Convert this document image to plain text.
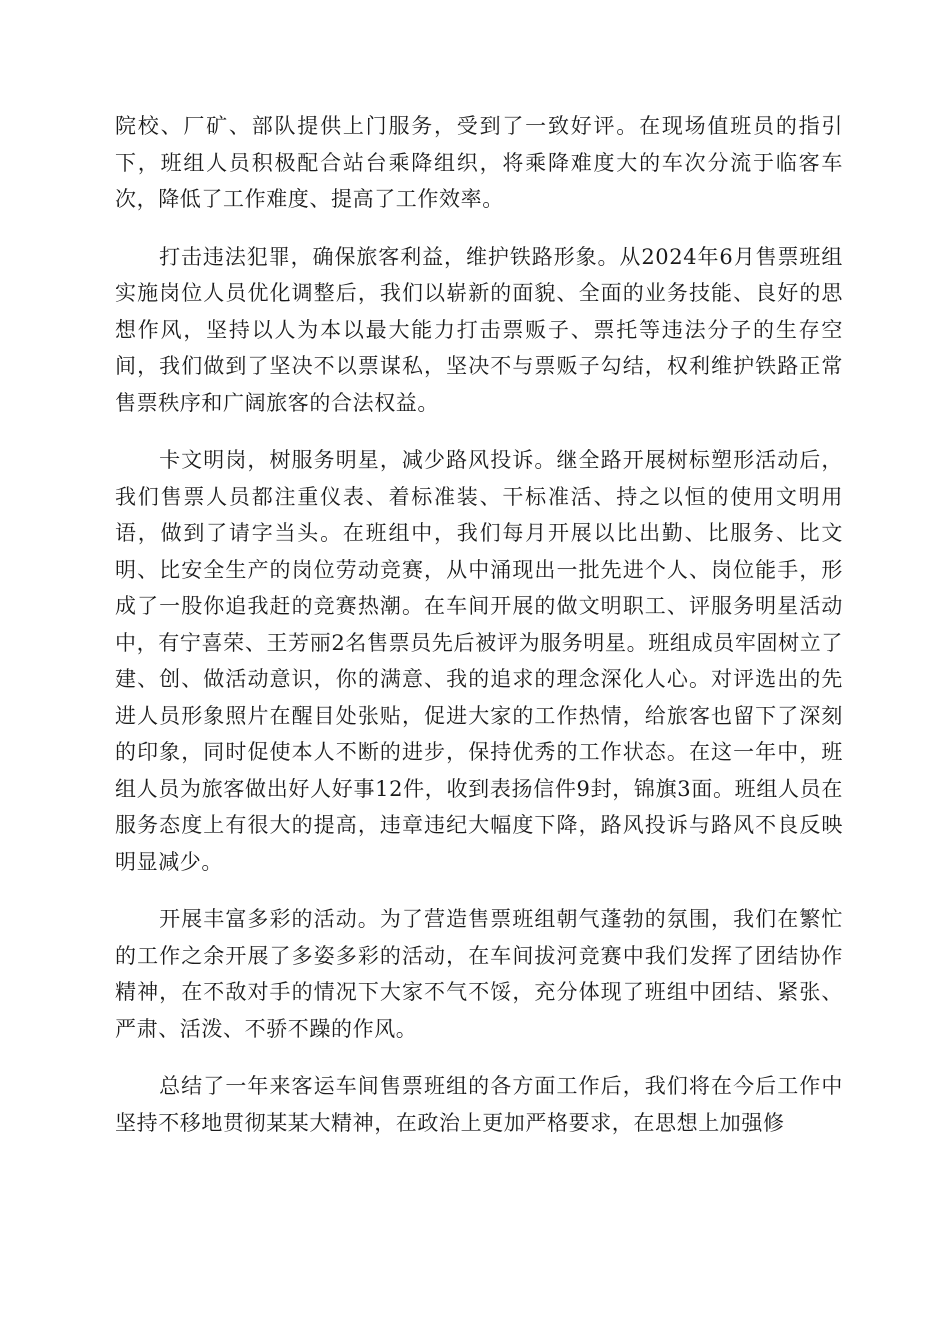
院校、厂矿、部队提供上门服务，受到了一致好评。在现场值班员的指引下，班组人员积极配合站台乘降组织，将乘降难度大的车次分流于临客车次，降低了工作难度、提高了工作效率。

打击违法犯罪，确保旅客利益，维护铁路形象。从2024年6月售票班组实施岗位人员优化调整后，我们以崭新的面貌、全面的业务技能、良好的思想作风，坚持以人为本以最大能力打击票贩子、票托等违法分子的生存空间，我们做到了坚决不以票谋私，坚决不与票贩子勾结，权利维护铁路正常售票秩序和广阔旅客的合法权益。

卡文明岗，树服务明星，减少路风投诉。继全路开展树标塑形活动后，我们售票人员都注重仪表、着标准装、干标准活、持之以恒的使用文明用语，做到了请字当头。在班组中，我们每月开展以比出勤、比服务、比文明、比安全生产的岗位劳动竞赛，从中涌现出一批先进个人、岗位能手，形成了一股你追我赶的竞赛热潮。在车间开展的做文明职工、评服务明星活动中，有宁喜荣、王芳丽2名售票员先后被评为服务明星。班组成员牢固树立了建、创、做活动意识，你的满意、我的追求的理念深化人心。对评选出的先进人员形象照片在醒目处张贴，促进大家的工作热情，给旅客也留下了深刻的印象，同时促使本人不断的进步，保持优秀的工作状态。在这一年中，班组人员为旅客做出好人好事12件，收到表扬信件9封，锦旗3面。班组人员在服务态度上有很大的提高，违章违纪大幅度下降，路风投诉与路风不良反映明显减少。

开展丰富多彩的活动。为了营造售票班组朝气蓬勃的氛围，我们在繁忙的工作之余开展了多姿多彩的活动，在车间拔河竞赛中我们发挥了团结协作精神，在不敌对手的情况下大家不气不馁，充分体现了班组中团结、紧张、严肃、活泼、不骄不躁的作风。

总结了一年来客运车间售票班组的各方面工作后，我们将在今后工作中坚持不移地贯彻某某大精神，在政治上更加严格要求，在思想上加强修
